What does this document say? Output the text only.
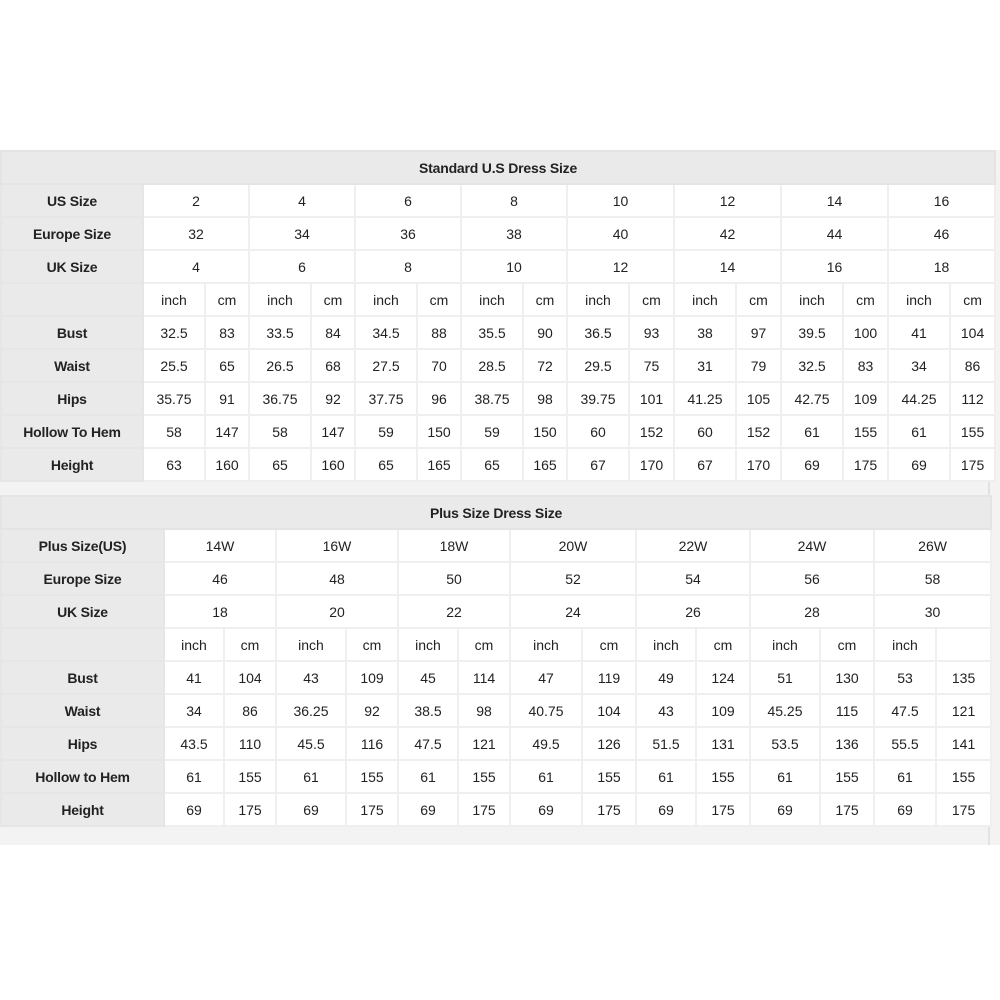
Standard U.S Dress Size																
US Size	2		4		6		8		10		12		14		16	
Europe Size	32		34		36		38		40		42		44		46	
UK Size	4		6		8		10		12		14		16		18	
	inch	cm	inch	cm	inch	cm	inch	cm	inch	cm	inch	cm	inch	cm	inch	cm
Bust	32.5	83	33.5	84	34.5	88	35.5	90	36.5	93	38	97	39.5	100	41	104
Waist	25.5	65	26.5	68	27.5	70	28.5	72	29.5	75	31	79	32.5	83	34	86
Hips	35.75	91	36.75	92	37.75	96	38.75	98	39.75	101	41.25	105	42.75	109	44.25	112
Hollow To Hem	58	147	58	147	59	150	59	150	60	152	60	152	61	155	61	155
Height	63	160	65	160	65	165	65	165	67	170	67	170	69	175	69	175
Plus Size Dress Size														
Plus Size(US)	14W		16W		18W		20W		22W		24W		26W	
Europe Size	46		48		50		52		54		56		58	
UK Size	18		20		22		24		26		28		30	
	inch	cm	inch	cm	inch	cm	inch	cm	inch	cm	inch	cm	inch	
Bust	41	104	43	109	45	114	47	119	49	124	51	130	53	135
Waist	34	86	36.25	92	38.5	98	40.75	104	43	109	45.25	115	47.5	121
Hips	43.5	110	45.5	116	47.5	121	49.5	126	51.5	131	53.5	136	55.5	141
Hollow to Hem	61	155	61	155	61	155	61	155	61	155	61	155	61	155
Height	69	175	69	175	69	175	69	175	69	175	69	175	69	175
